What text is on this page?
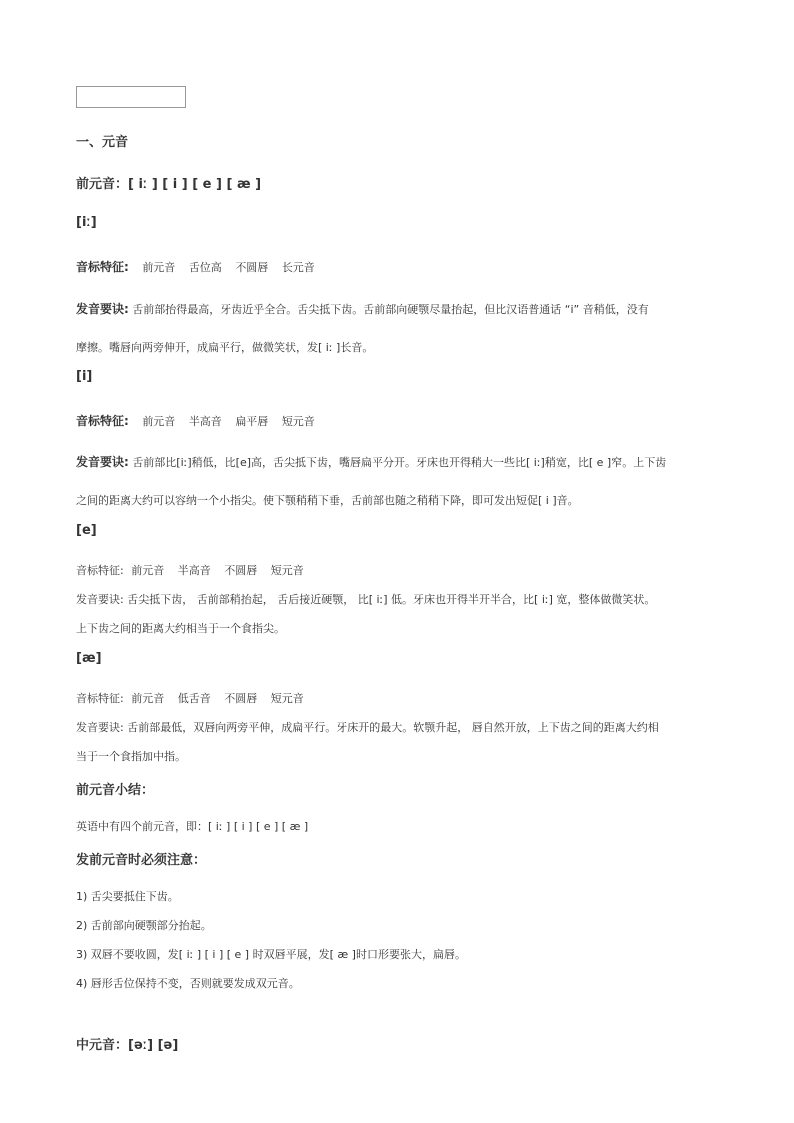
一、元音
前元音：[ iː ] [ i ] [ e ] [ æ ]
[iː]
音标特征: 前元音 舌位高 不圆唇 长元音
发音要诀: 舌前部抬得最高，牙齿近乎全合。舌尖抵下齿。舌前部向硬颚尽量抬起，但比汉语普通话 “i” 音稍低，没有
摩擦。嘴唇向两旁伸开，成扁平行，做微笑状，发[ iː ]长音。
[i]
音标特征: 前元音 半高音 扁平唇 短元音
发音要诀: 舌前部比[iː]稍低，比[e]高，舌尖抵下齿，嘴唇扁平分开。牙床也开得稍大一些比[ iː]稍宽，比[ e ]窄。上下齿
之间的距离大约可以容纳一个小指尖。使下颚稍稍下垂，舌前部也随之稍稍下降，即可发出短促[ i ]音。
[e]
音标特征: 前元音 半高音 不圆唇 短元音
发音要诀: 舌尖抵下齿， 舌前部稍抬起， 舌后接近硬颚， 比[ iː] 低。牙床也开得半开半合，比[ iː] 宽，整体做微笑状。
上下齿之间的距离大约相当于一个食指尖。
[æ]
音标特征: 前元音 低舌音 不圆唇 短元音
发音要诀: 舌前部最低，双唇向两旁平伸，成扁平行。牙床开的最大。软颚升起， 唇自然开放，上下齿之间的距离大约相
当于一个食指加中指。
前元音小结：
英语中有四个前元音，即：[ iː ] [ i ] [ e ] [ æ ]
发前元音时必须注意：
1) 舌尖要抵住下齿。
2) 舌前部向硬颚部分抬起。
3) 双唇不要收圆，发[ iː ] [ i ] [ e ] 时双唇平展，发[ æ ]时口形要张大，扁唇。
4) 唇形舌位保持不变，否则就要发成双元音。
中元音：[əː] [ə]
